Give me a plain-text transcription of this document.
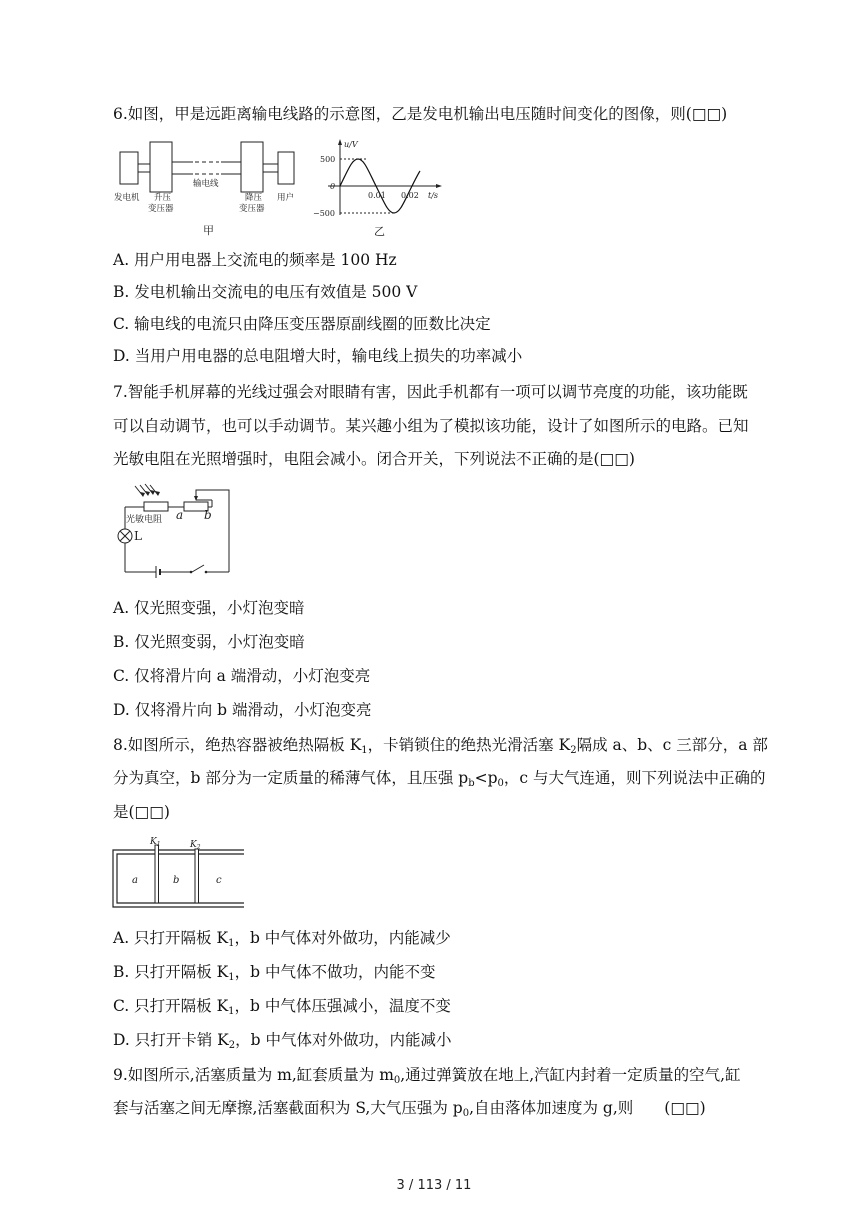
6.如图，甲是远距离输电线路的示意图，乙是发电机输出电压随时间变化的图像，则(□□)
发电机 升压
变压器
输电线
降压
变压器
用户
甲
u/V
t/s
500
0
−500
0.01 0.02
乙
A. 用户用电器上交流电的频率是 100 Hz
B. 发电机输出交流电的电压有效值是 500 V
C. 输电线的电流只由降压变压器原副线圈的匝数比决定
D. 当用户用电器的总电阻增大时，输电线上损失的功率减小
7.智能手机屏幕的光线过强会对眼睛有害，因此手机都有一项可以调节亮度的功能，该功能既
可以自动调节，也可以手动调节。某兴趣小组为了模拟该功能，设计了如图所示的电路。已知
光敏电阻在光照增强时，电阻会减小。闭合开关，下列说法不正确的是(□□)
光敏电阻 a b
L
A. 仅光照变强，小灯泡变暗
B. 仅光照变弱，小灯泡变暗
C. 仅将滑片向 a 端滑动，小灯泡变亮
D. 仅将滑片向 b 端滑动，小灯泡变亮
8.如图所示，绝热容器被绝热隔板 $K_1$，卡销锁住的绝热光滑活塞 $K_2$隔成 a、b、c 三部分，a 部
分为真空，b 部分为一定质量的稀薄气体，且压强 $p_b<p_0$，c 与大气连通，则下列说法中正确的
是(□□)
$K_1$	$K_2$
a	b	c
A. 只打开隔板 $K_1$，b 中气体对外做功，内能减少
B. 只打开隔板 $K_1$，b 中气体不做功，内能不变
C. 只打开隔板 $K_1$，b 中气体压强减小，温度不变
D. 只打开卡销 $K_2$，b 中气体对外做功，内能减小
9.如图所示,活塞质量为 m,缸套质量为 $m_0$,通过弹簧放在地上,汽缸内封着一定质量的空气,缸
套与活塞之间无摩擦,活塞截面积为 S,大气压强为 $p_0$,自由落体加速度为 g,则　　(□□)
3 / 113 / 11
